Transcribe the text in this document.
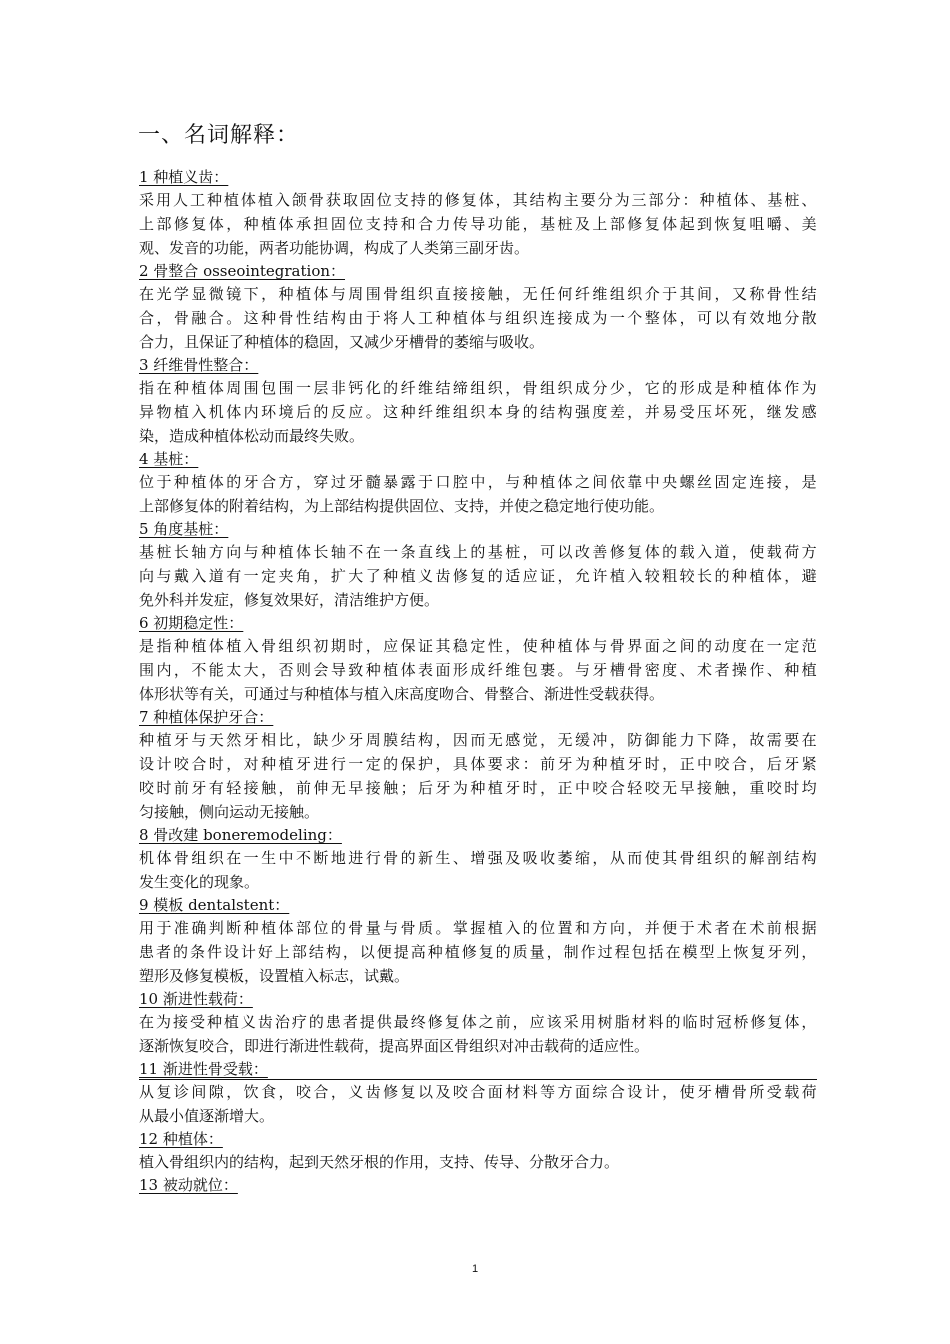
一、名词解释：
1 种植义齿：
采 用 人 工 种 植 体 植 入 颌 骨 获 取 固 位 支 持 的 修 复 体 ， 其 结 构 主 要 分 为 三 部 分 ： 种 植 体 、 基 桩 、
上 部 修 复 体 ， 种 植 体 承 担 固 位 支 持 和 合 力 传 导 功 能 ， 基 桩 及 上 部 修 复 体 起 到 恢 复 咀 嚼 、 美
观、发音的功能，两者功能协调，构成了人类第三副牙齿。
2 骨整合 osseointegration：
在 光 学 显 微 镜 下 ， 种 植 体 与 周 围 骨 组 织 直 接 接 触 ， 无 任 何 纤 维 组 织 介 于 其 间 ， 又 称 骨 性 结
合 ， 骨 融 合 。 这 种 骨 性 结 构 由 于 将 人 工 种 植 体 与 组 织 连 接 成 为 一 个 整 体 ， 可 以 有 效 地 分 散
合力，且保证了种植体的稳固，又减少牙槽骨的萎缩与吸收。
3 纤维骨性整合：
指 在 种 植 体 周 围 包 围 一 层 非 钙 化 的 纤 维 结 缔 组 织 ， 骨 组 织 成 分 少 ， 它 的 形 成 是 种 植 体 作 为
异 物 植 入 机 体 内 环 境 后 的 反 应 。 这 种 纤 维 组 织 本 身 的 结 构 强 度 差 ， 并 易 受 压 坏 死 ， 继 发 感
染，造成种植体松动而最终失败。
4 基桩：
位 于 种 植 体 的 牙 合 方 ， 穿 过 牙 髓 暴 露 于 口 腔 中 ， 与 种 植 体 之 间 依 靠 中 央 螺 丝 固 定 连 接 ， 是
上部修复体的附着结构，为上部结构提供固位、支持，并使之稳定地行使功能。
5 角度基桩：
基 桩 长 轴 方 向 与 种 植 体 长 轴 不 在 一 条 直 线 上 的 基 桩 ， 可 以 改 善 修 复 体 的 载 入 道 ， 使 载 荷 方
向 与 戴 入 道 有 一 定 夹 角 ， 扩 大 了 种 植 义 齿 修 复 的 适 应 证 ， 允 许 植 入 较 粗 较 长 的 种 植 体 ， 避
免外科并发症，修复效果好，清洁维护方便。
6 初期稳定性：
是 指 种 植 体 植 入 骨 组 织 初 期 时 ， 应 保 证 其 稳 定 性 ， 使 种 植 体 与 骨 界 面 之 间 的 动 度 在 一 定 范
围 内 ， 不 能 太 大 ， 否 则 会 导 致 种 植 体 表 面 形 成 纤 维 包 裹 。 与 牙 槽 骨 密 度 、 术 者 操 作 、 种 植
体形状等有关，可通过与种植体与植入床高度吻合、骨整合、渐进性受载获得。
7 种植体保护牙合：
种 植 牙 与 天 然 牙 相 比 ， 缺 少 牙 周 膜 结 构 ， 因 而 无 感 觉 ， 无 缓 冲 ， 防 御 能 力 下 降 ， 故 需 要 在
设 计 咬 合 时 ， 对 种 植 牙 进 行 一 定 的 保 护 ， 具 体 要 求 ： 前 牙 为 种 植 牙 时 ， 正 中 咬 合 ， 后 牙 紧
咬 时 前 牙 有 轻 接 触 ， 前 伸 无 早 接 触 ； 后 牙 为 种 植 牙 时 ， 正 中 咬 合 轻 咬 无 早 接 触 ， 重 咬 时 均
匀接触，侧向运动无接触。
8 骨改建 boneremodeling：
机 体 骨 组 织 在 一 生 中 不 断 地 进 行 骨 的 新 生 、 增 强 及 吸 收 萎 缩 ， 从 而 使 其 骨 组 织 的 解 剖 结 构
发生变化的现象。
9 模板 dentalstent：
用 于 准 确 判 断 种 植 体 部 位 的 骨 量 与 骨 质 。 掌 握 植 入 的 位 置 和 方 向 ， 并 便 于 术 者 在 术 前 根 据
患 者 的 条 件 设 计 好 上 部 结 构 ， 以 便 提 高 种 植 修 复 的 质 量 ， 制 作 过 程 包 括 在 模 型 上 恢 复 牙 列 ，
塑形及修复模板，设置植入标志，试戴。
10 渐进性载荷：
在 为 接 受 种 植 义 齿 治 疗 的 患 者 提 供 最 终 修 复 体 之 前 ， 应 该 采 用 树 脂 材 料 的 临 时 冠 桥 修 复 体 ，
逐渐恢复咬合，即进行渐进性载荷，提高界面区骨组织对冲击载荷的适应性。
11 渐进性骨受载：
从 复 诊 间 隙 ， 饮 食 ， 咬 合 ， 义 齿 修 复 以 及 咬 合 面 材 料 等 方 面 综 合 设 计 ， 使 牙 槽 骨 所 受 载 荷
从最小值逐渐增大。
12 种植体：
植入骨组织内的结构，起到天然牙根的作用，支持、传导、分散牙合力。
13 被动就位：
1
